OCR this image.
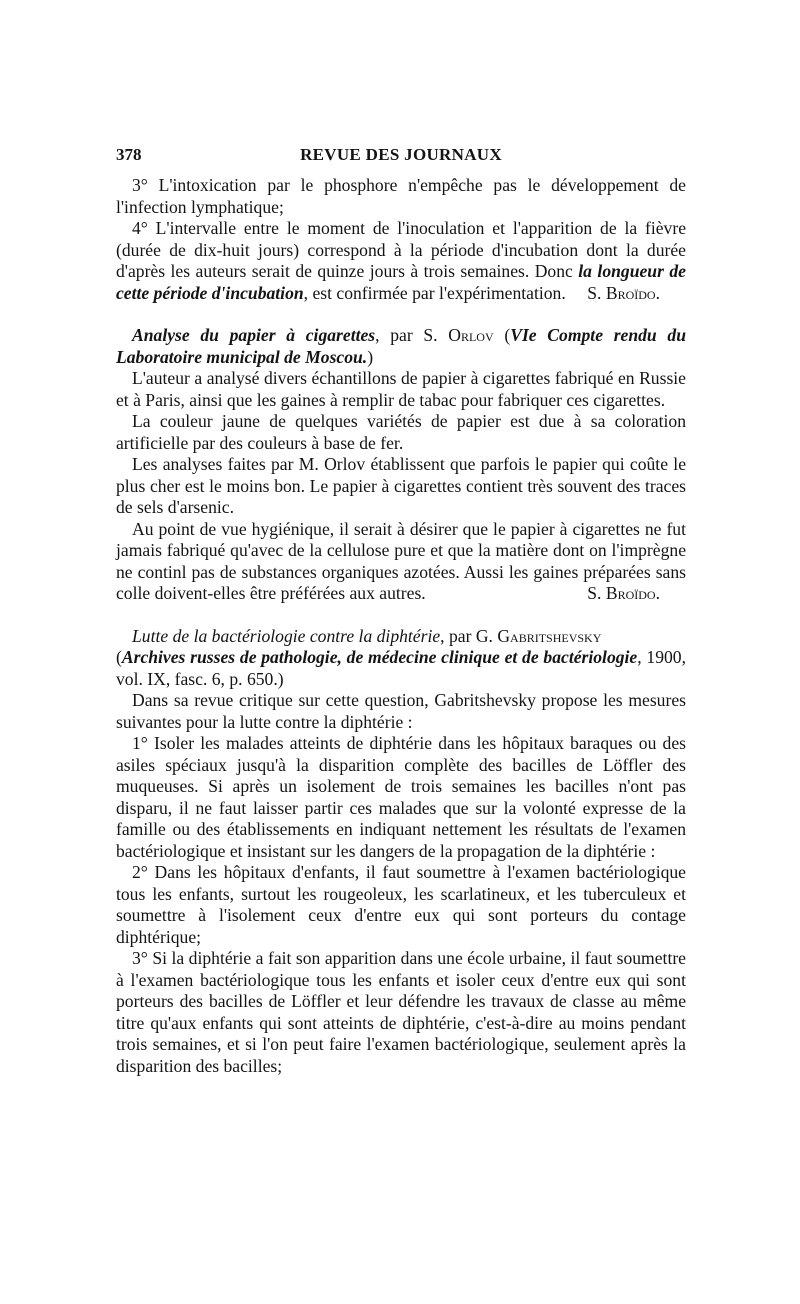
378	REVUE DES JOURNAUX

3° L'intoxication par le phosphore n'empêche pas le développement de l'infection lymphatique;

4° L'intervalle entre le moment de l'inoculation et l'apparition de la fièvre (durée de dix-huit jours) correspond à la période d'incubation dont la durée d'après les auteurs serait de quinze jours à trois semaines. Donc la longueur de cette période d'incubation, est confirmée par l'expérimentation.	S. Broïdo.

Analyse du papier à cigarettes, par S. Orlov (VIe Compte rendu du Laboratoire municipal de Moscou.)

L'auteur a analysé divers échantillons de papier à cigarettes fabriqué en Russie et à Paris, ainsi que les gaines à remplir de tabac pour fabriquer ces cigarettes.

La couleur jaune de quelques variétés de papier est due à sa coloration artificielle par des couleurs à base de fer.

Les analyses faites par M. Orlov établissent que parfois le papier qui coûte le plus cher est le moins bon. Le papier à cigarettes contient très souvent des traces de sels d'arsenic.

Au point de vue hygiénique, il serait à désirer que le papier à cigarettes ne fut jamais fabriqué qu'avec de la cellulose pure et que la matière dont on l'imprègne ne continl pas de substances organiques azotées. Aussi les gaines préparées sans colle doivent-elles être préférées aux autres.	S. Broïdo.

Lutte de la bactériologie contre la diphtérie, par G. Gabritshevsky

(Archives russes de pathologie, de médecine clinique et de bactériologie, 1900, vol. IX, fasc. 6, p. 650.)

Dans sa revue critique sur cette question, Gabritshevsky propose les mesures suivantes pour la lutte contre la diphtérie :

1° Isoler les malades atteints de diphtérie dans les hôpitaux baraques ou des asiles spéciaux jusqu'à la disparition complète des bacilles de Löffler des muqueuses. Si après un isolement de trois semaines les bacilles n'ont pas disparu, il ne faut laisser partir ces malades que sur la volonté expresse de la famille ou des établissements en indiquant nettement les résultats de l'examen bactériologique et insistant sur les dangers de la propagation de la diphtérie :

2° Dans les hôpitaux d'enfants, il faut soumettre à l'examen bactériologique tous les enfants, surtout les rougeoleux, les scarlatineux, et les tuberculeux et soumettre à l'isolement ceux d'entre eux qui sont porteurs du contage diphtérique;

3° Si la diphtérie a fait son apparition dans une école urbaine, il faut soumettre à l'examen bactériologique tous les enfants et isoler ceux d'entre eux qui sont porteurs des bacilles de Löffler et leur défendre les travaux de classe au même titre qu'aux enfants qui sont atteints de diphtérie, c'est-à-dire au moins pendant trois semaines, et si l'on peut faire l'examen bactériologique, seulement après la disparition des bacilles;
